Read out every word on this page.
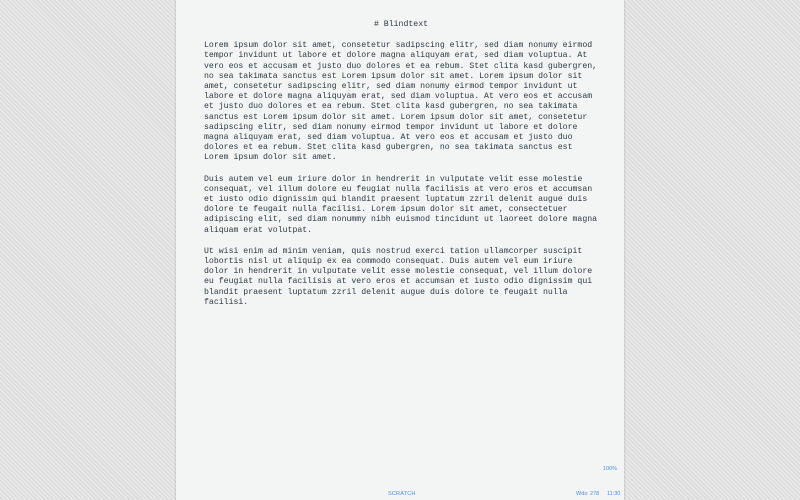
# Blindtext

Lorem ipsum dolor sit amet, consetetur sadipscing elitr, sed diam nonumy eirmod tempor invidunt ut labore et dolore magna aliquyam erat, sed diam voluptua. At vero eos et accusam et justo duo dolores et ea rebum. Stet clita kasd gubergren, no sea takimata sanctus est Lorem ipsum dolor sit amet. Lorem ipsum dolor sit amet, consetetur sadipscing elitr, sed diam nonumy eirmod tempor invidunt ut labore et dolore magna aliquyam erat, sed diam voluptua. At vero eos et accusam et justo duo dolores et ea rebum. Stet clita kasd gubergren, no sea takimata sanctus est Lorem ipsum dolor sit amet. Lorem ipsum dolor sit amet, consetetur sadipscing elitr, sed diam nonumy eirmod tempor invidunt ut labore et dolore magna aliquyam erat, sed diam voluptua. At vero eos et accusam et justo duo dolores et ea rebum. Stet clita kasd gubergren, no sea takimata sanctus est Lorem ipsum dolor sit amet.

Duis autem vel eum iriure dolor in hendrerit in vulputate velit esse molestie consequat, vel illum dolore eu feugiat nulla facilisis at vero eros et accumsan et iusto odio dignissim qui blandit praesent luptatum zzril delenit augue duis dolore te feugait nulla facilisi. Lorem ipsum dolor sit amet, consectetuer adipiscing elit, sed diam nonummy nibh euismod tincidunt ut laoreet dolore magna aliquam erat volutpat.

Ut wisi enim ad minim veniam, quis nostrud exerci tation ullamcorper suscipit lobortis nisl ut aliquip ex ea commodo consequat. Duis autem vel eum iriure dolor in hendrerit in vulputate velit esse molestie consequat, vel illum dolore eu feugiat nulla facilisis at vero eros et accumsan et iusto odio dignissim qui blandit praesent luptatum zzril delenit augue duis dolore te feugait nulla facilisi.

100%
SCRATCH	Wds: 278 11:30
